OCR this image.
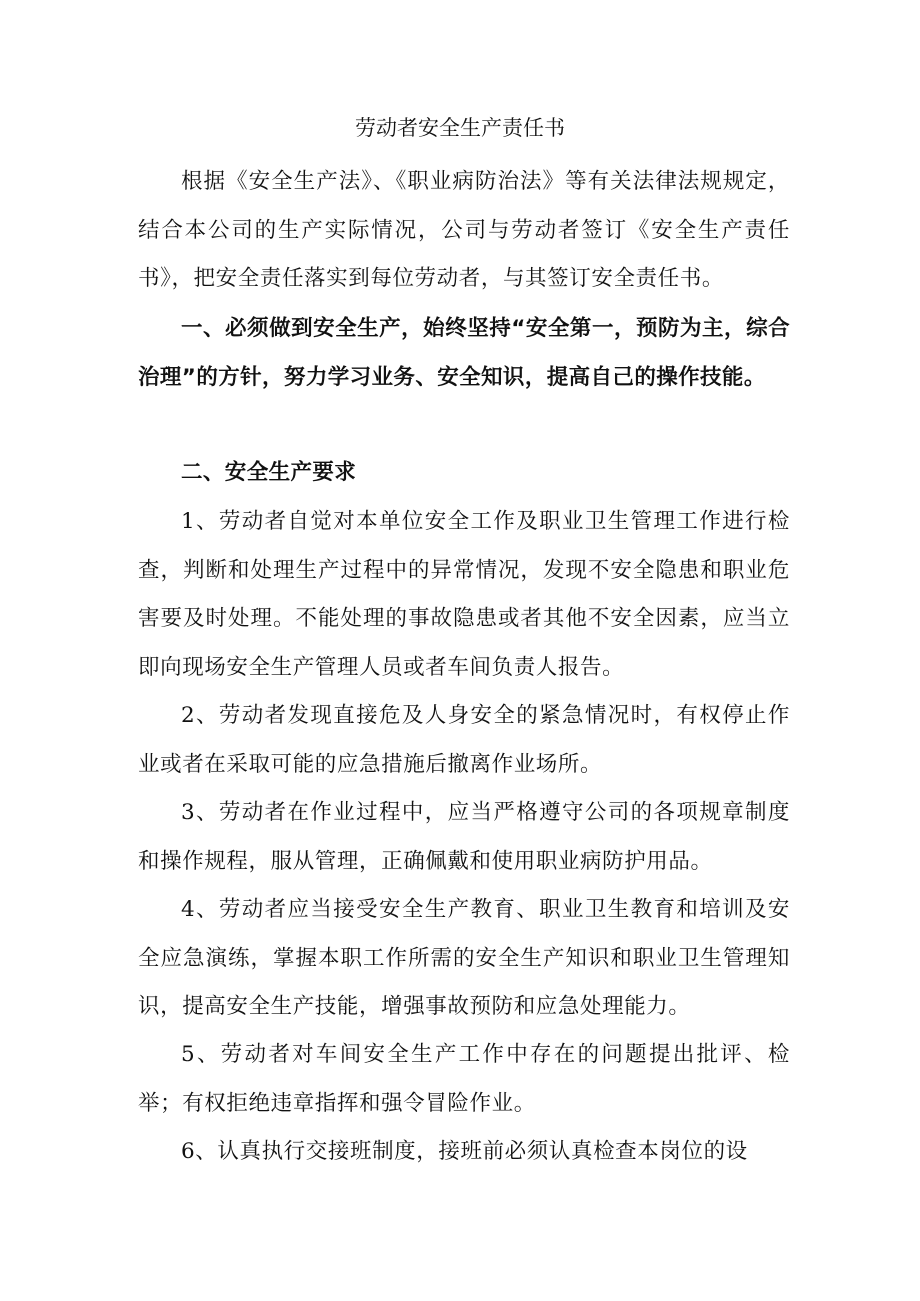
劳动者安全生产责任书

根据《安全生产法》、《职业病防治法》等有关法律法规规定，结合本公司的生产实际情况，公司与劳动者签订《安全生产责任书》，把安全责任落实到每位劳动者，与其签订安全责任书。

一、必须做到安全生产，始终坚持“安全第一，预防为主，综合治理”的方针，努力学习业务、安全知识，提高自己的操作技能。

二、安全生产要求

1、劳动者自觉对本单位安全工作及职业卫生管理工作进行检查，判断和处理生产过程中的异常情况，发现不安全隐患和职业危害要及时处理。不能处理的事故隐患或者其他不安全因素，应当立即向现场安全生产管理人员或者车间负责人报告。

2、劳动者发现直接危及人身安全的紧急情况时，有权停止作业或者在采取可能的应急措施后撤离作业场所。

3、劳动者在作业过程中，应当严格遵守公司的各项规章制度和操作规程，服从管理，正确佩戴和使用职业病防护用品。

4、劳动者应当接受安全生产教育、职业卫生教育和培训及安全应急演练，掌握本职工作所需的安全生产知识和职业卫生管理知识，提高安全生产技能，增强事故预防和应急处理能力。

5、劳动者对车间安全生产工作中存在的问题提出批评、检举；有权拒绝违章指挥和强令冒险作业。

6、认真执行交接班制度，接班前必须认真检查本岗位的设
